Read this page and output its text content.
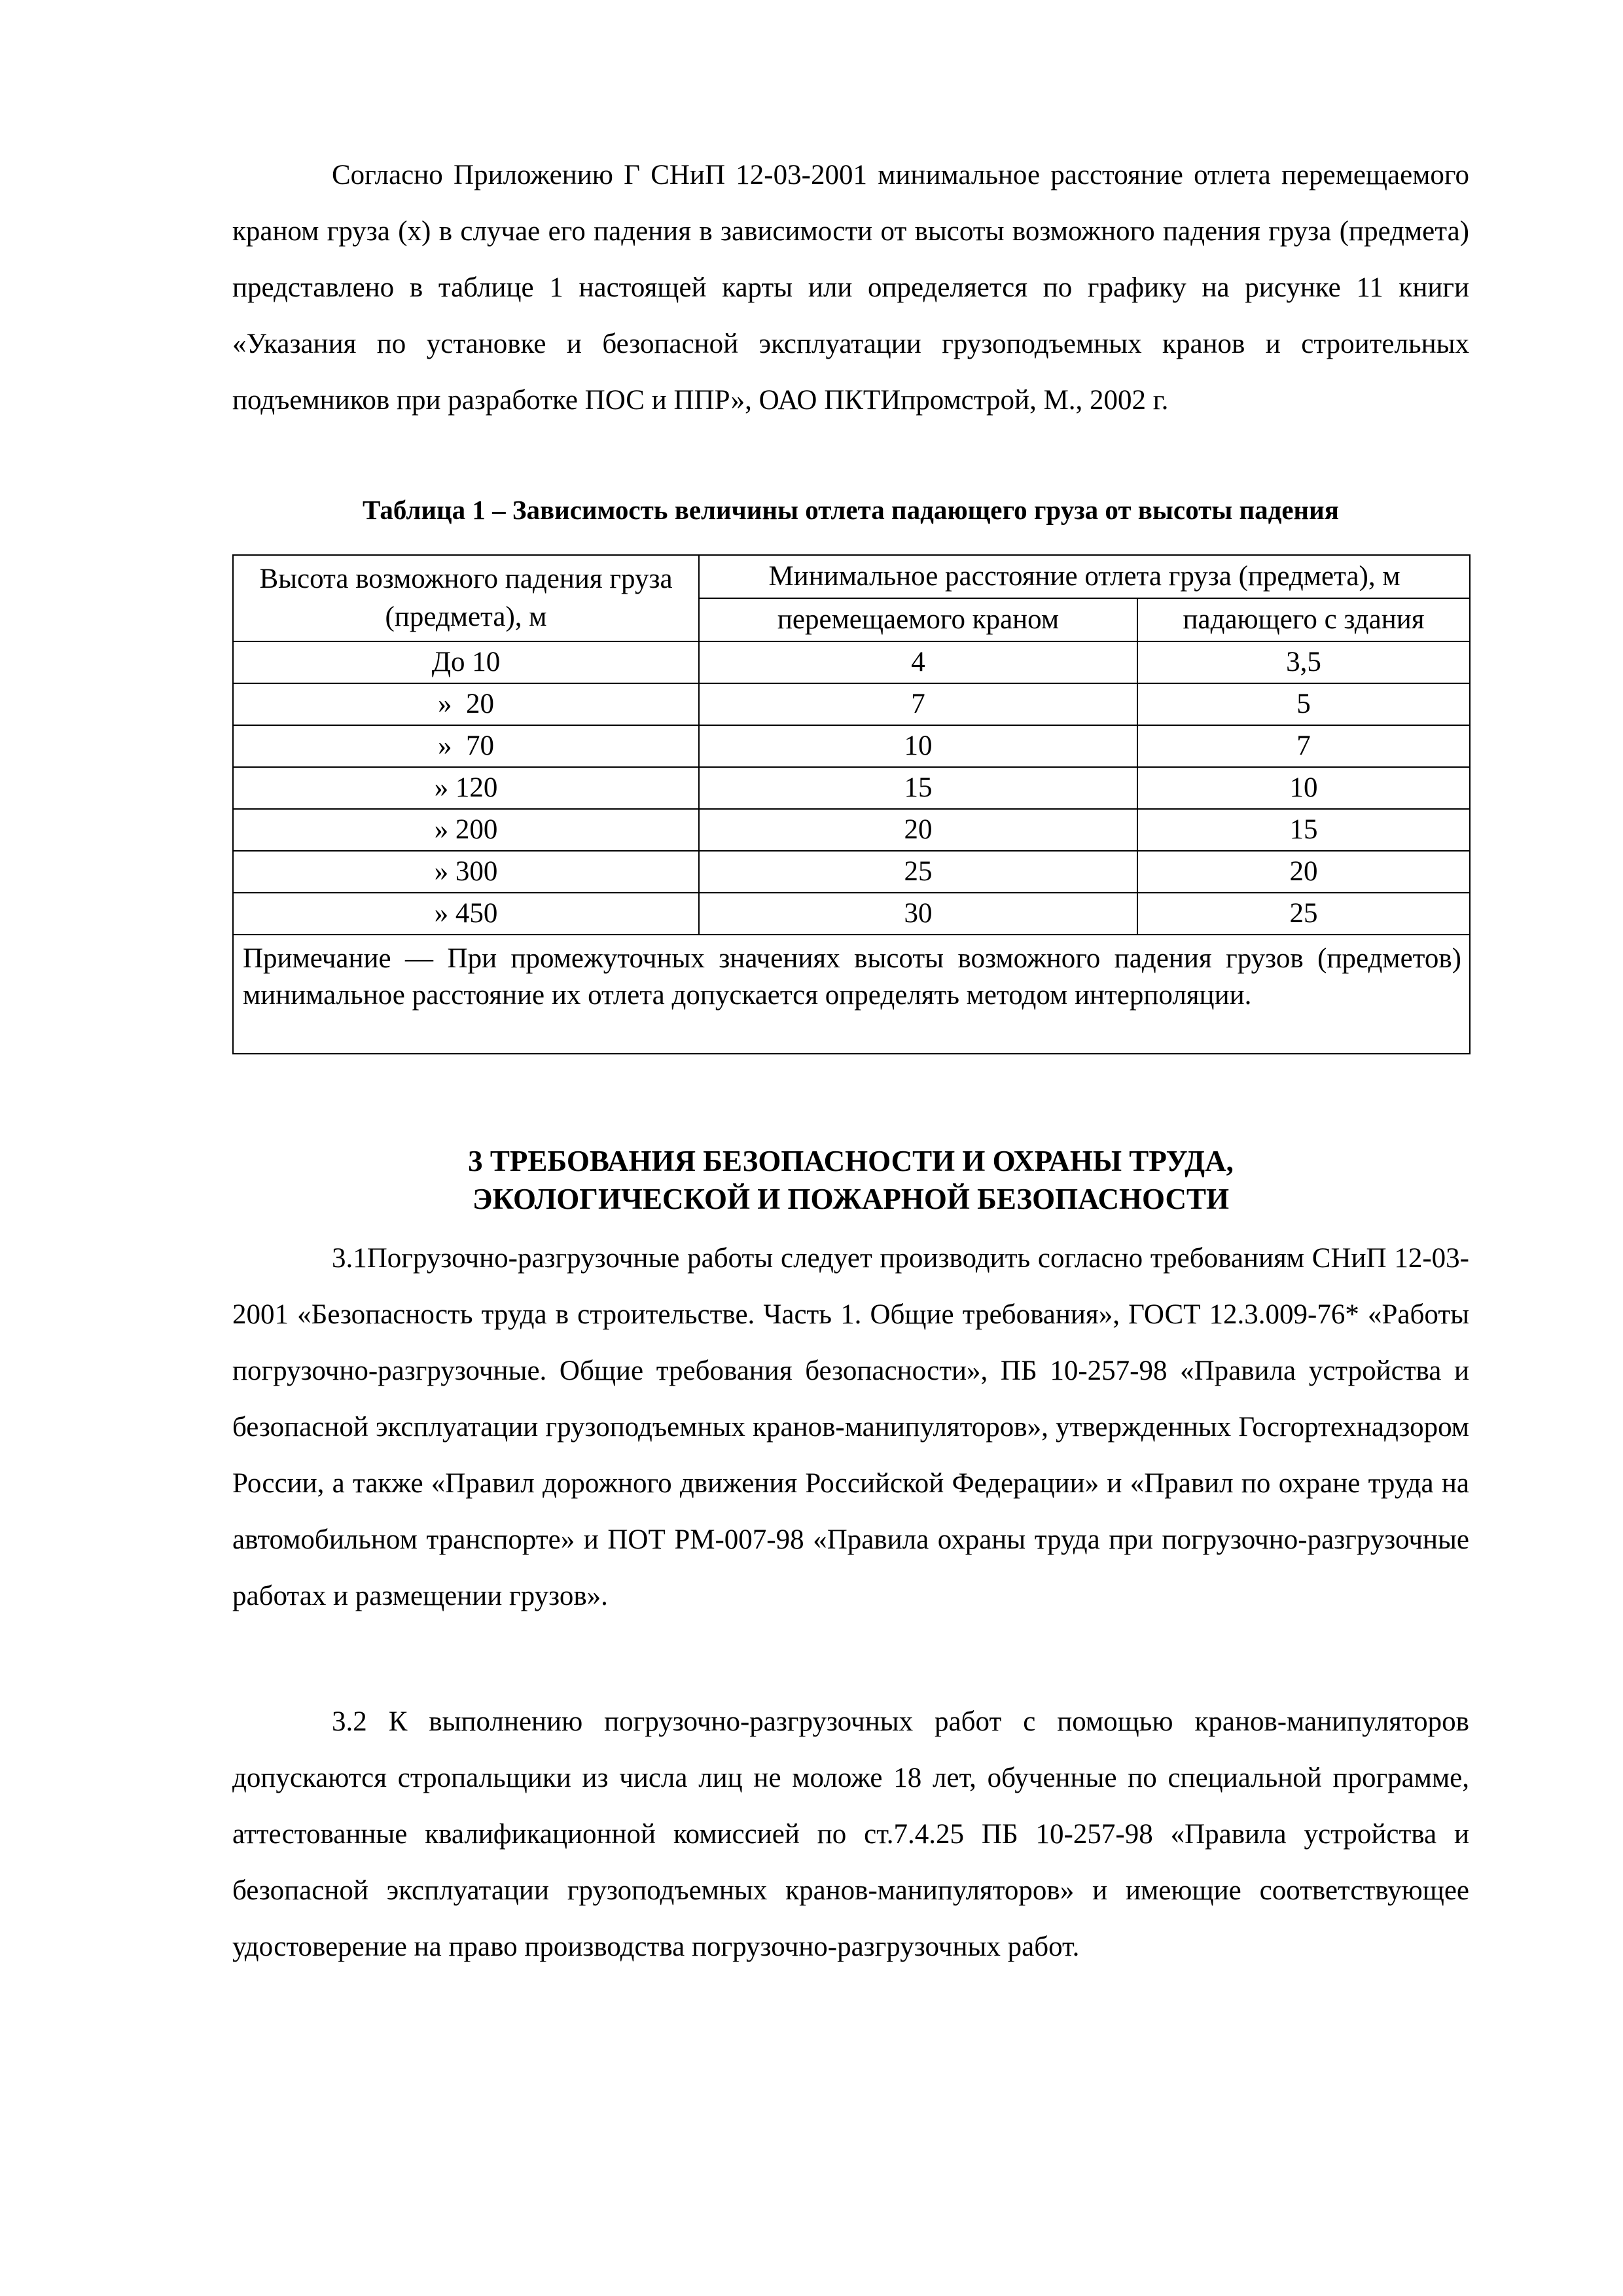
Согласно Приложению Г СНиП 12-03-2001 минимальное расстояние отлета перемещаемого краном груза (х) в случае его падения в зависимости от высоты возможного падения груза (предмета) представлено в таблице 1 настоящей карты или определяется по графику на рисунке 11 книги «Указания по установке и безопасной эксплуатации грузоподъемных кранов и строительных подъемников при разработке ПОС и ППР», ОАО ПКТИпромстрой, М., 2002 г.

Таблица 1 – Зависимость величины отлета падающего груза от высоты падения

Высота возможного падения груза (предмета), м	Минимальное расстояние отлета груза (предмета), м	
	перемещаемого краном	падающего с здания
До 10	4	3,5
»  20	7	5
»  70	10	7
» 120	15	10
» 200	20	15
» 300	25	20
» 450	30	25
Примечание — При промежуточных значениях высоты возможного падения грузов (предметов) минимальное расстояние их отлета допускается определять методом интерполяции.		
3 ТРЕБОВАНИЯ БЕЗОПАСНОСТИ И ОХРАНЫ ТРУДА,
ЭКОЛОГИЧЕСКОЙ И ПОЖАРНОЙ БЕЗОПАСНОСТИ

3.1Погрузочно-разгрузочные работы следует производить согласно требованиям СНиП 12-03-2001 «Безопасность труда в строительстве. Часть 1. Общие требования», ГОСТ 12.3.009-76* «Работы погрузочно-разгрузочные. Общие требования безопасности», ПБ 10-257-98 «Правила устройства и безопасной эксплуатации грузоподъемных кранов-манипуляторов», утвержденных Госгортехнадзором России, а также «Правил дорожного движения Российской Федерации» и «Правил по охране труда на автомобильном транспорте» и ПОТ РМ-007-98 «Правила охраны труда при погрузочно-разгрузочные работах и размещении грузов».

3.2 К выполнению погрузочно-разгрузочных работ с помощью кранов-манипуляторов допускаются стропальщики из числа лиц не моложе 18 лет, обученные по специальной программе, аттестованные квалификационной комиссией по ст.7.4.25 ПБ 10-257-98 «Правила устройства и безопасной эксплуатации грузоподъемных кранов-манипуляторов» и имеющие соответствующее удостоверение на право производства погрузочно-разгрузочных работ.
